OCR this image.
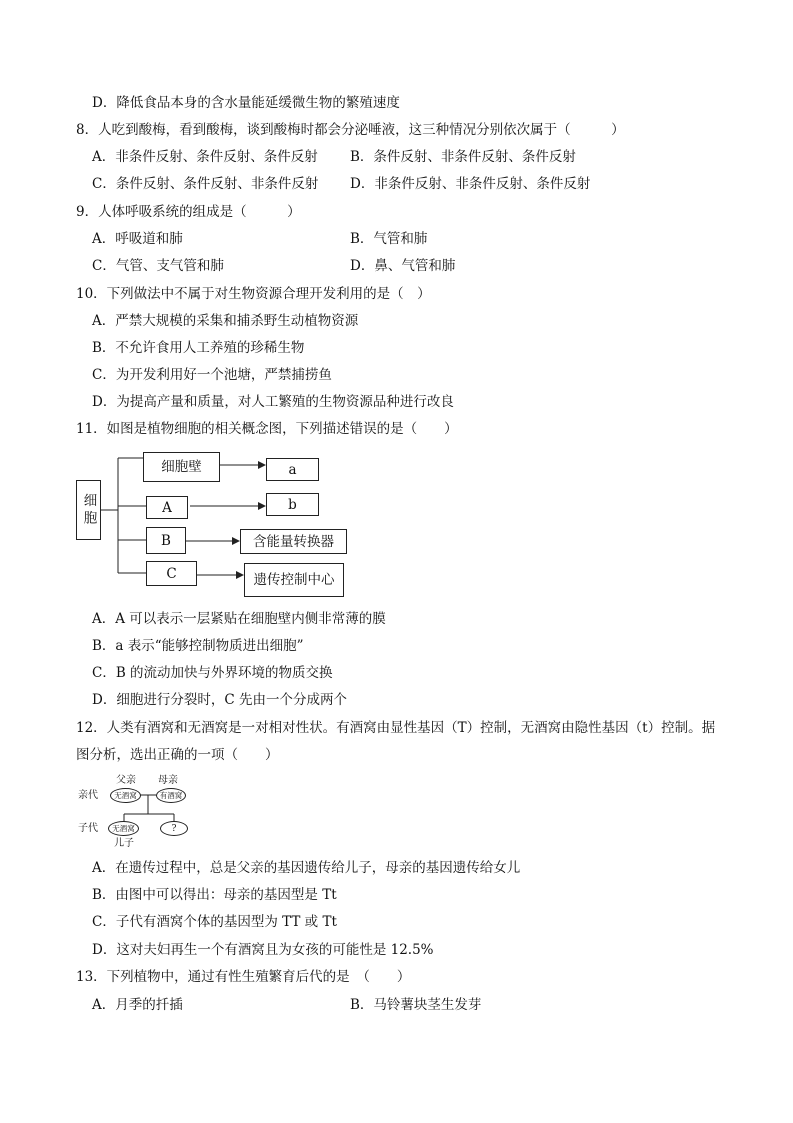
D．降低食品本身的含水量能延缓微生物的繁殖速度
8．人吃到酸梅，看到酸梅，谈到酸梅时都会分泌唾液，这三种情况分别依次属于（　　　）
A．非条件反射、条件反射、条件反射 B．条件反射、非条件反射、条件反射
C．条件反射、条件反射、非条件反射 D．非条件反射、非条件反射、条件反射
9．人体呼吸系统的组成是（　　　）
A．呼吸道和肺	B．气管和肺
C．气管、支气管和肺	D．鼻、气管和肺
10．下列做法中不属于对生物资源合理开发利用的是（　）
A．严禁大规模的采集和捕杀野生动植物资源
B．不允许食用人工养殖的珍稀生物
C．为开发利用好一个池塘，严禁捕捞鱼
D．为提高产量和质量，对人工繁殖的生物资源品种进行改良
11．如图是植物细胞的相关概念图，下列描述错误的是（　　）
细胞
细胞壁	a
A	b
B	含能量转换器
C	遗传控制中心
A．A 可以表示一层紧贴在细胞壁内侧非常薄的膜
B．a 表示“能够控制物质进出细胞”
C．B 的流动加快与外界环境的物质交换
D．细胞进行分裂时，C 先由一个分成两个
12．人类有酒窝和无酒窝是一对相对性状。有酒窝由显性基因（T）控制，无酒窝由隐性基因（t）控制。据
图分析，选出正确的一项（　　）
父亲 母亲
亲代	无酒窝	有酒窝
子代	无酒窝	?
儿子
A．在遗传过程中，总是父亲的基因遗传给儿子，母亲的基因遗传给女儿
B．由图中可以得出：母亲的基因型是 Tt
C．子代有酒窝个体的基因型为 TT 或 Tt
D．这对夫妇再生一个有酒窝且为女孩的可能性是 12.5%
13．下列植物中，通过有性生殖繁育后代的是　（　　）
A．月季的扦插	B．马铃薯块茎生发芽
